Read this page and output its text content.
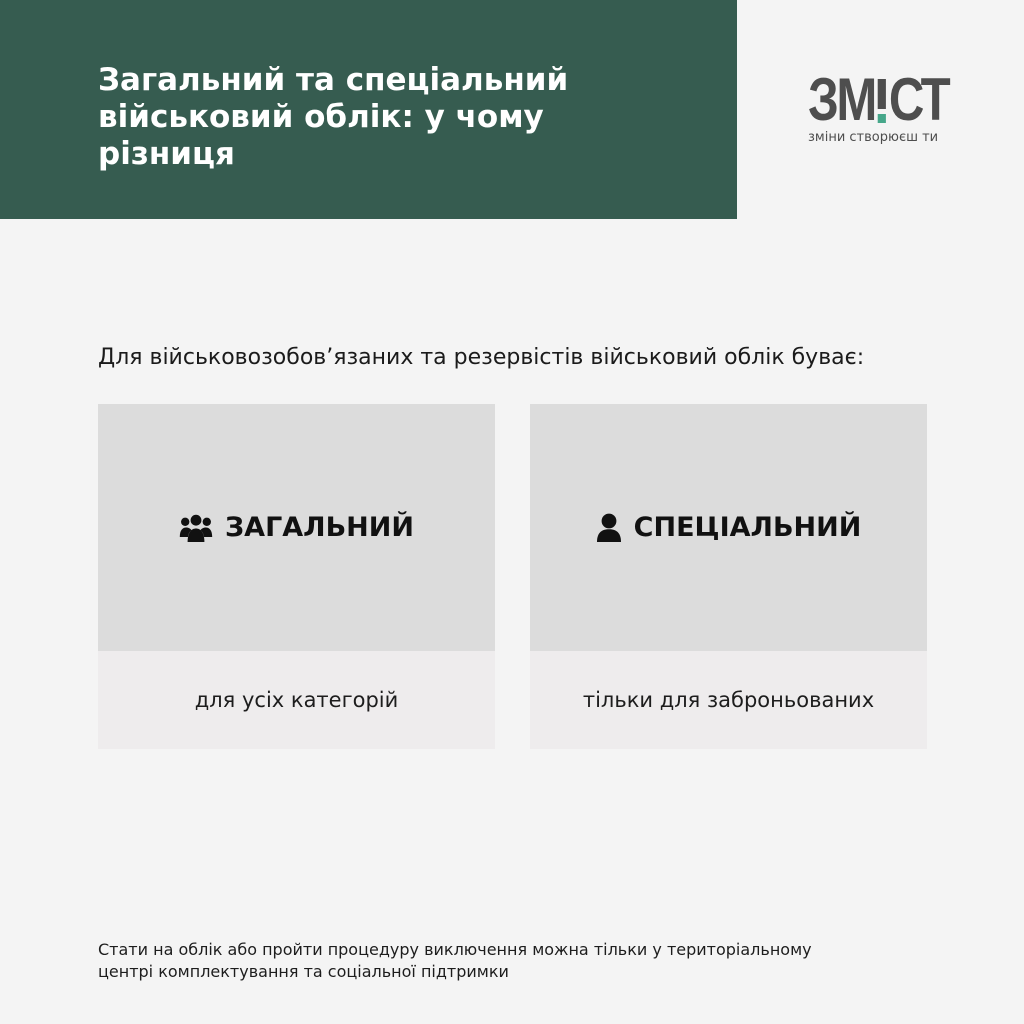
Загальний та спеціальний військовий облік: у чому різниця
ЗМ СТ
зміни створюєш ти

Для військовозобов’язаних та резервістів військовий облік буває:

ЗАГАЛЬНИЙ
для усіх категорій
СПЕЦІАЛЬНИЙ
тільки для заброньованих

Стати на облік або пройти процедуру виключення можна тільки у територіальному центрі комплектування та соціальної підтримки
